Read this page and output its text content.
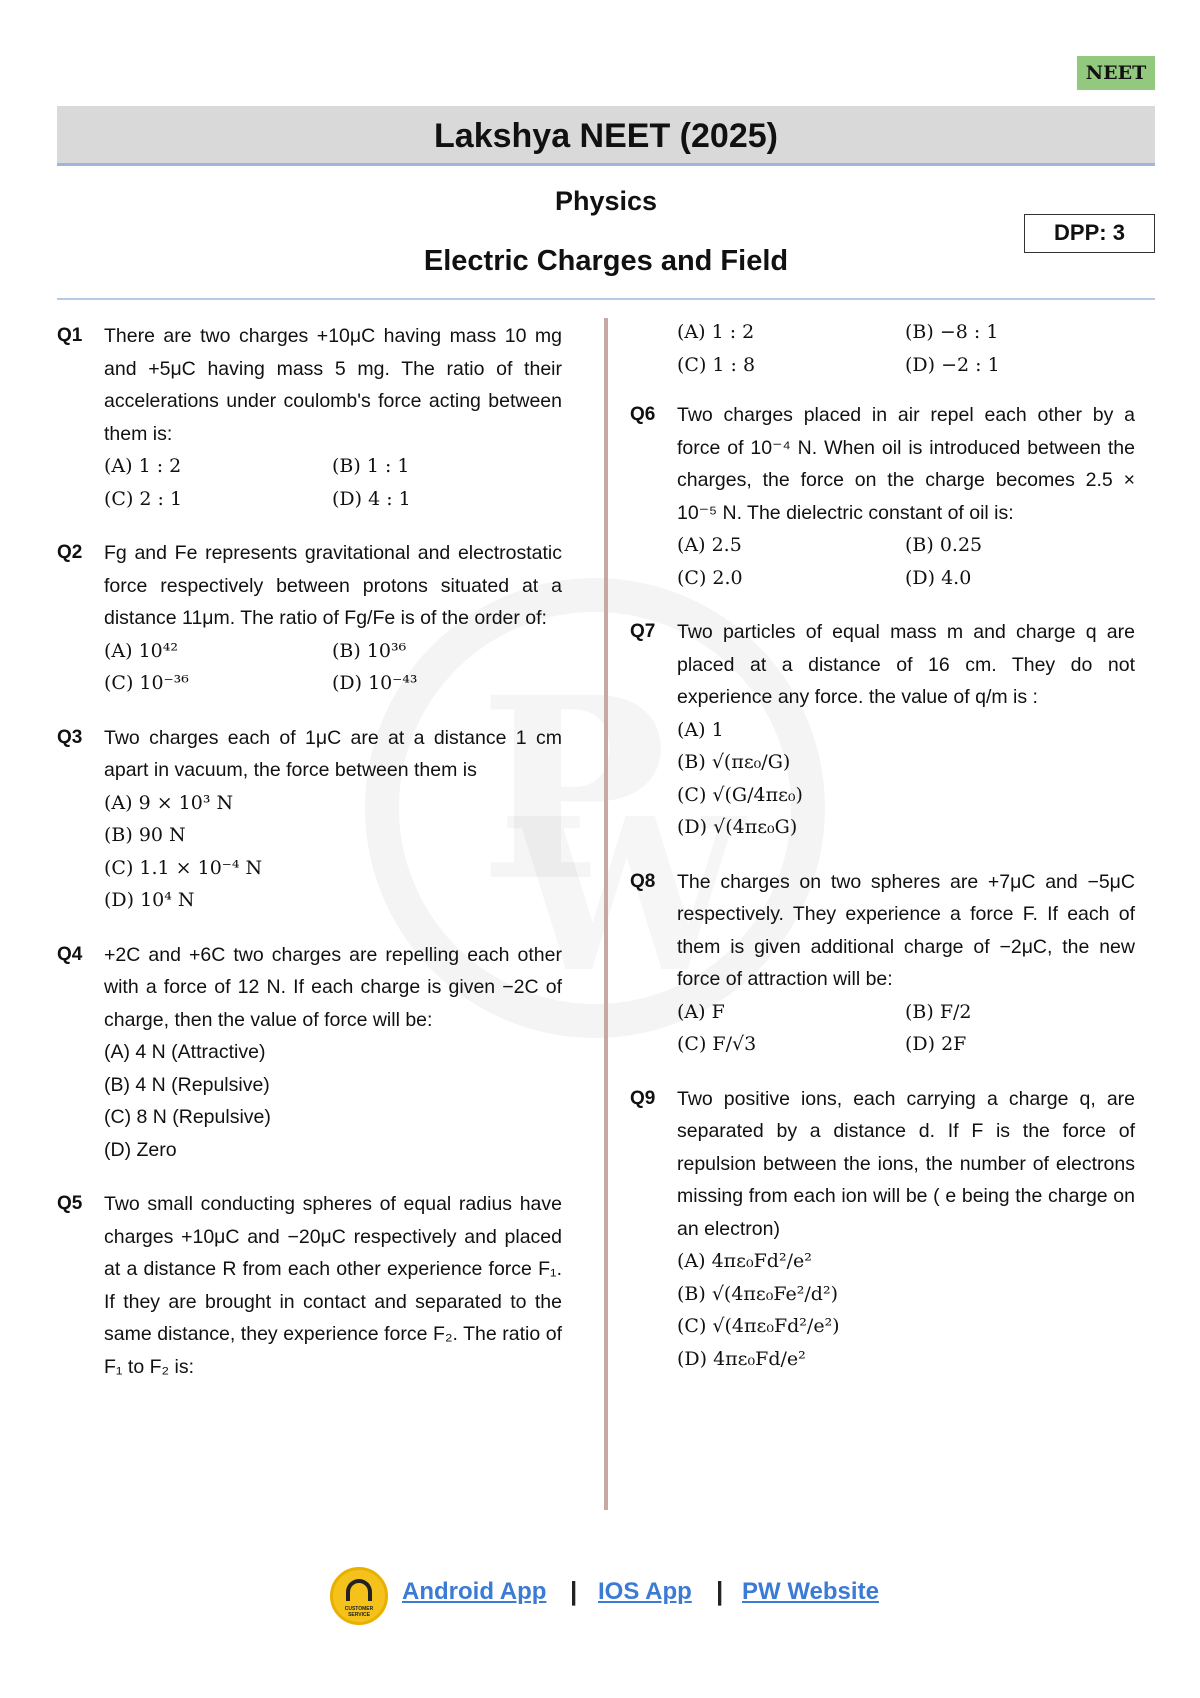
NEET
Lakshya NEET (2025)
Physics
Electric Charges and Field
DPP: 3
Q1 There are two charges +10μC having mass 10 mg and +5μC having mass 5 mg. The ratio of their accelerations under coulomb's force acting between them is:
(A) 1 : 2	(B) 1 : 1
(C) 2 : 1	(D) 4 : 1
Q2 Fg and Fe represents gravitational and electrostatic force respectively between protons situated at a distance 11μm. The ratio of Fg/Fe is of the order of:
(A) 10⁴²	(B) 10³⁶
(C) 10⁻³⁶	(D) 10⁻⁴³
Q3 Two charges each of 1μC are at a distance 1 cm apart in vacuum, the force between them is
(A) 9 × 10³ N
(B) 90 N
(C) 1.1 × 10⁻⁴ N
(D) 10⁴ N
Q4 +2C and +6C two charges are repelling each other with a force of 12 N. If each charge is given −2C of charge, then the value of force will be:
(A) 4 N (Attractive)
(B) 4 N (Repulsive)
(C) 8 N (Repulsive)
(D) Zero
Q5 Two small conducting spheres of equal radius have charges +10μC and −20μC respectively and placed at a distance R from each other experience force F₁. If they are brought in contact and separated to the same distance, they experience force F₂. The ratio of F₁ to F₂ is:
(A) 1 : 2	(B) −8 : 1
(C) 1 : 8	(D) −2 : 1
Q6 Two charges placed in air repel each other by a force of 10⁻⁴ N. When oil is introduced between the charges, the force on the charge becomes 2.5 × 10⁻⁵ N. The dielectric constant of oil is:
(A) 2.5	(B) 0.25
(C) 2.0	(D) 4.0
Q7 Two particles of equal mass m and charge q are placed at a distance of 16 cm. They do not experience any force. the value of q/m is :
(A) 1
(B) √(πε₀/G)
(C) √(G/4πε₀)
(D) √(4πε₀G)
Q8 The charges on two spheres are +7μC and −5μC respectively. They experience a force F. If each of them is given additional charge of −2μC, the new force of attraction will be:
(A) F	(B) F/2
(C) F/√3	(D) 2F
Q9 Two positive ions, each carrying a charge q, are separated by a distance d. If F is the force of repulsion between the ions, the number of electrons missing from each ion will be ( e being the charge on an electron)
(A) 4πε₀Fd²/e²
(B) √(4πε₀Fe²/d²)
(C) √(4πε₀Fd²/e²)
(D) 4πε₀Fd/e²
CUSTOMER SERVICE
Android App | IOS App | PW Website
